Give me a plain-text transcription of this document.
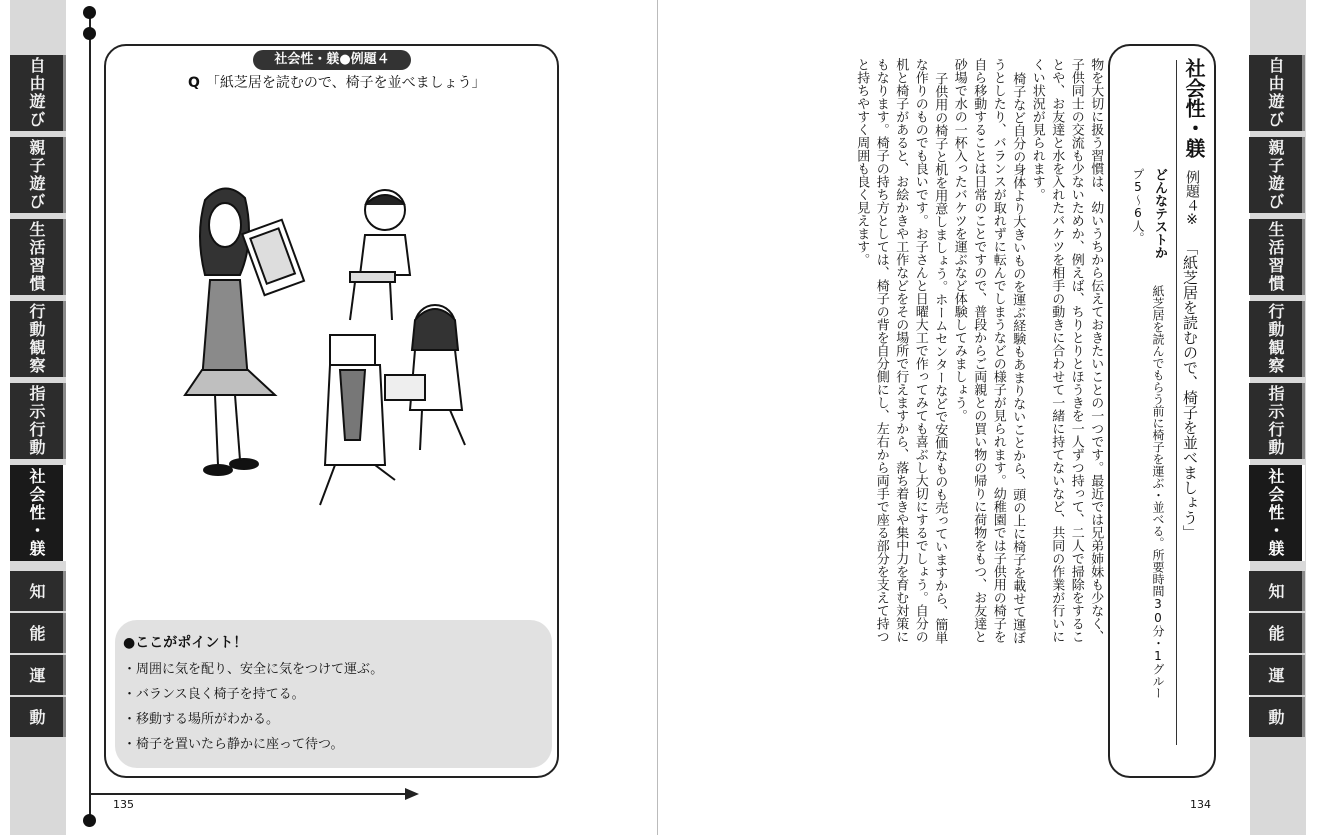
自由遊び
親子遊び
生活習慣
行動観察
指示行動
社会性・躾
知
能
運
動
社会性・躾●例題４
Q 「紙芝居を読むので、椅子を並べましょう」
●ここがポイント！
・周囲に気を配り、安全に気をつけて運ぶ。
・バランス良く椅子を持てる。
・移動する場所がわかる。
・椅子を置いたら静かに座って待つ。
135
自由遊び
親子遊び
生活習慣
行動観察
指示行動
社会性・躾
知
能
運
動
社会性・躾
例題４※
「紙芝居を読むので、椅子を並べましょう」
どんなテストか
紙芝居を読んでもらう前に椅子を運ぶ・並べる。所要時間30分・1グルー
プ5～6人。
物を大切に扱う習慣は、幼いうちから伝えておきたいことの一つです。最近では兄弟姉妹も少なく、
子供同士の交流も少ないためか、例えば、ちりとりとほうきを一人ずつ持って、二人で掃除をするこ
とや、お友達と水を入れたバケツを相手の動きに合わせて一緒に持てないなど、共同の作業が行いに
くい状況が見られます。
椅子など自分の身体より大きいものを運ぶ経験もあまりないことから、頭の上に椅子を載せて運ぼ
うとしたり、バランスが取れずに転んでしまうなどの様子が見られます。幼稚園では子供用の椅子を
自ら移動することは日常のことですので、普段からご両親との買い物の帰りに荷物をもつ、お友達と
砂場で水の一杯入ったバケツを運ぶなど体験してみましょう。
子供用の椅子と机を用意しましょう。ホームセンターなどで安価なものも売っていますから、簡単
な作りのものでも良いです。お子さんと日曜大工で作ってみても喜ぶし大切にするでしょう。自分の
机と椅子があると、お絵かきや工作などをその場所で行えますから、落ち着きや集中力を育む対策に
もなります。椅子の持ち方としては、椅子の背を自分側にし、左右から両手で座る部分を支えて持つ
と持ちやすく周囲も良く見えます。
134
